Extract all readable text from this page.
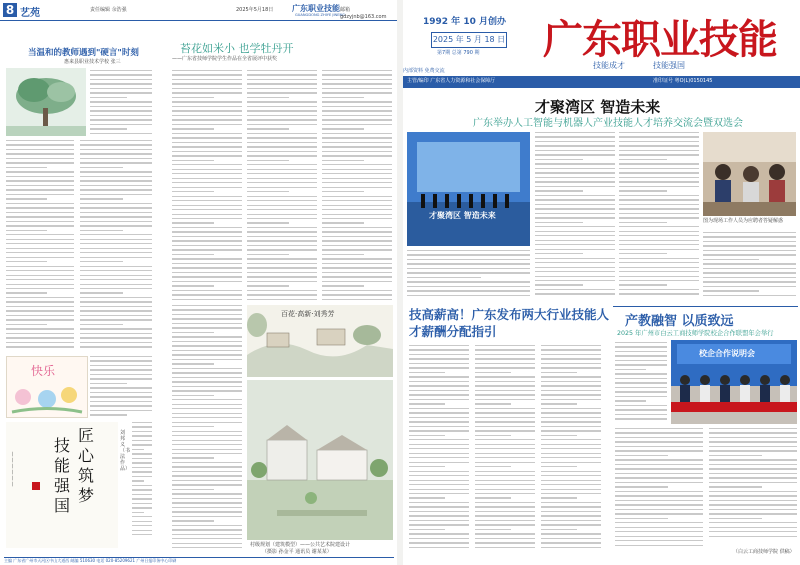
8 艺苑	责任编辑 余浩强	2025年5月18日 广东职业技能
GUANGDONG ZHIYE JINENG
邮箱 gdzyjnb@163.com
当温和的教师遇到"硬言"时刻
惠来县职业技术学校 张三
快乐
匠 心 筑 梦
技 能 强 国
〡〡〡〡〡〡
刘邦义（书法作品）
苔花如米小 也学牡丹开
——广东省技师学院学生作品在全省展评中获奖
百花·高新·刘秀芳
村级规划（建筑模型）——公共艺术院建设计
（摄影 孙金平 通讯员 谢某某）
主编 广东省广州市天河区中山大道西 邮编 510630 电话 020-85209621 广州日报印务中心印刷
1992 年 10 月创办
2025 年 5 月 18 日
第7期 总第 790 期 广东职业技能
技能成才	技能强国
主管/编印 广东省人力资源和社会保障厅	准印证号 粤O(L)0150145
内部资料 免费交流
才聚湾区 智造未来
广东举办人工智能与机器人产业技能人才培养交流会暨双选会
才聚湾区 智造未来
图为现场工作人员为应聘者答疑解惑
技高薪高！广东发布两大行业技能人才薪酬分配指引
产教融智 以质致远
2025 年广州市白云工商技师学院校企合作联盟年会举行
校企合作说明会
（白云工商技师学院 供稿）
